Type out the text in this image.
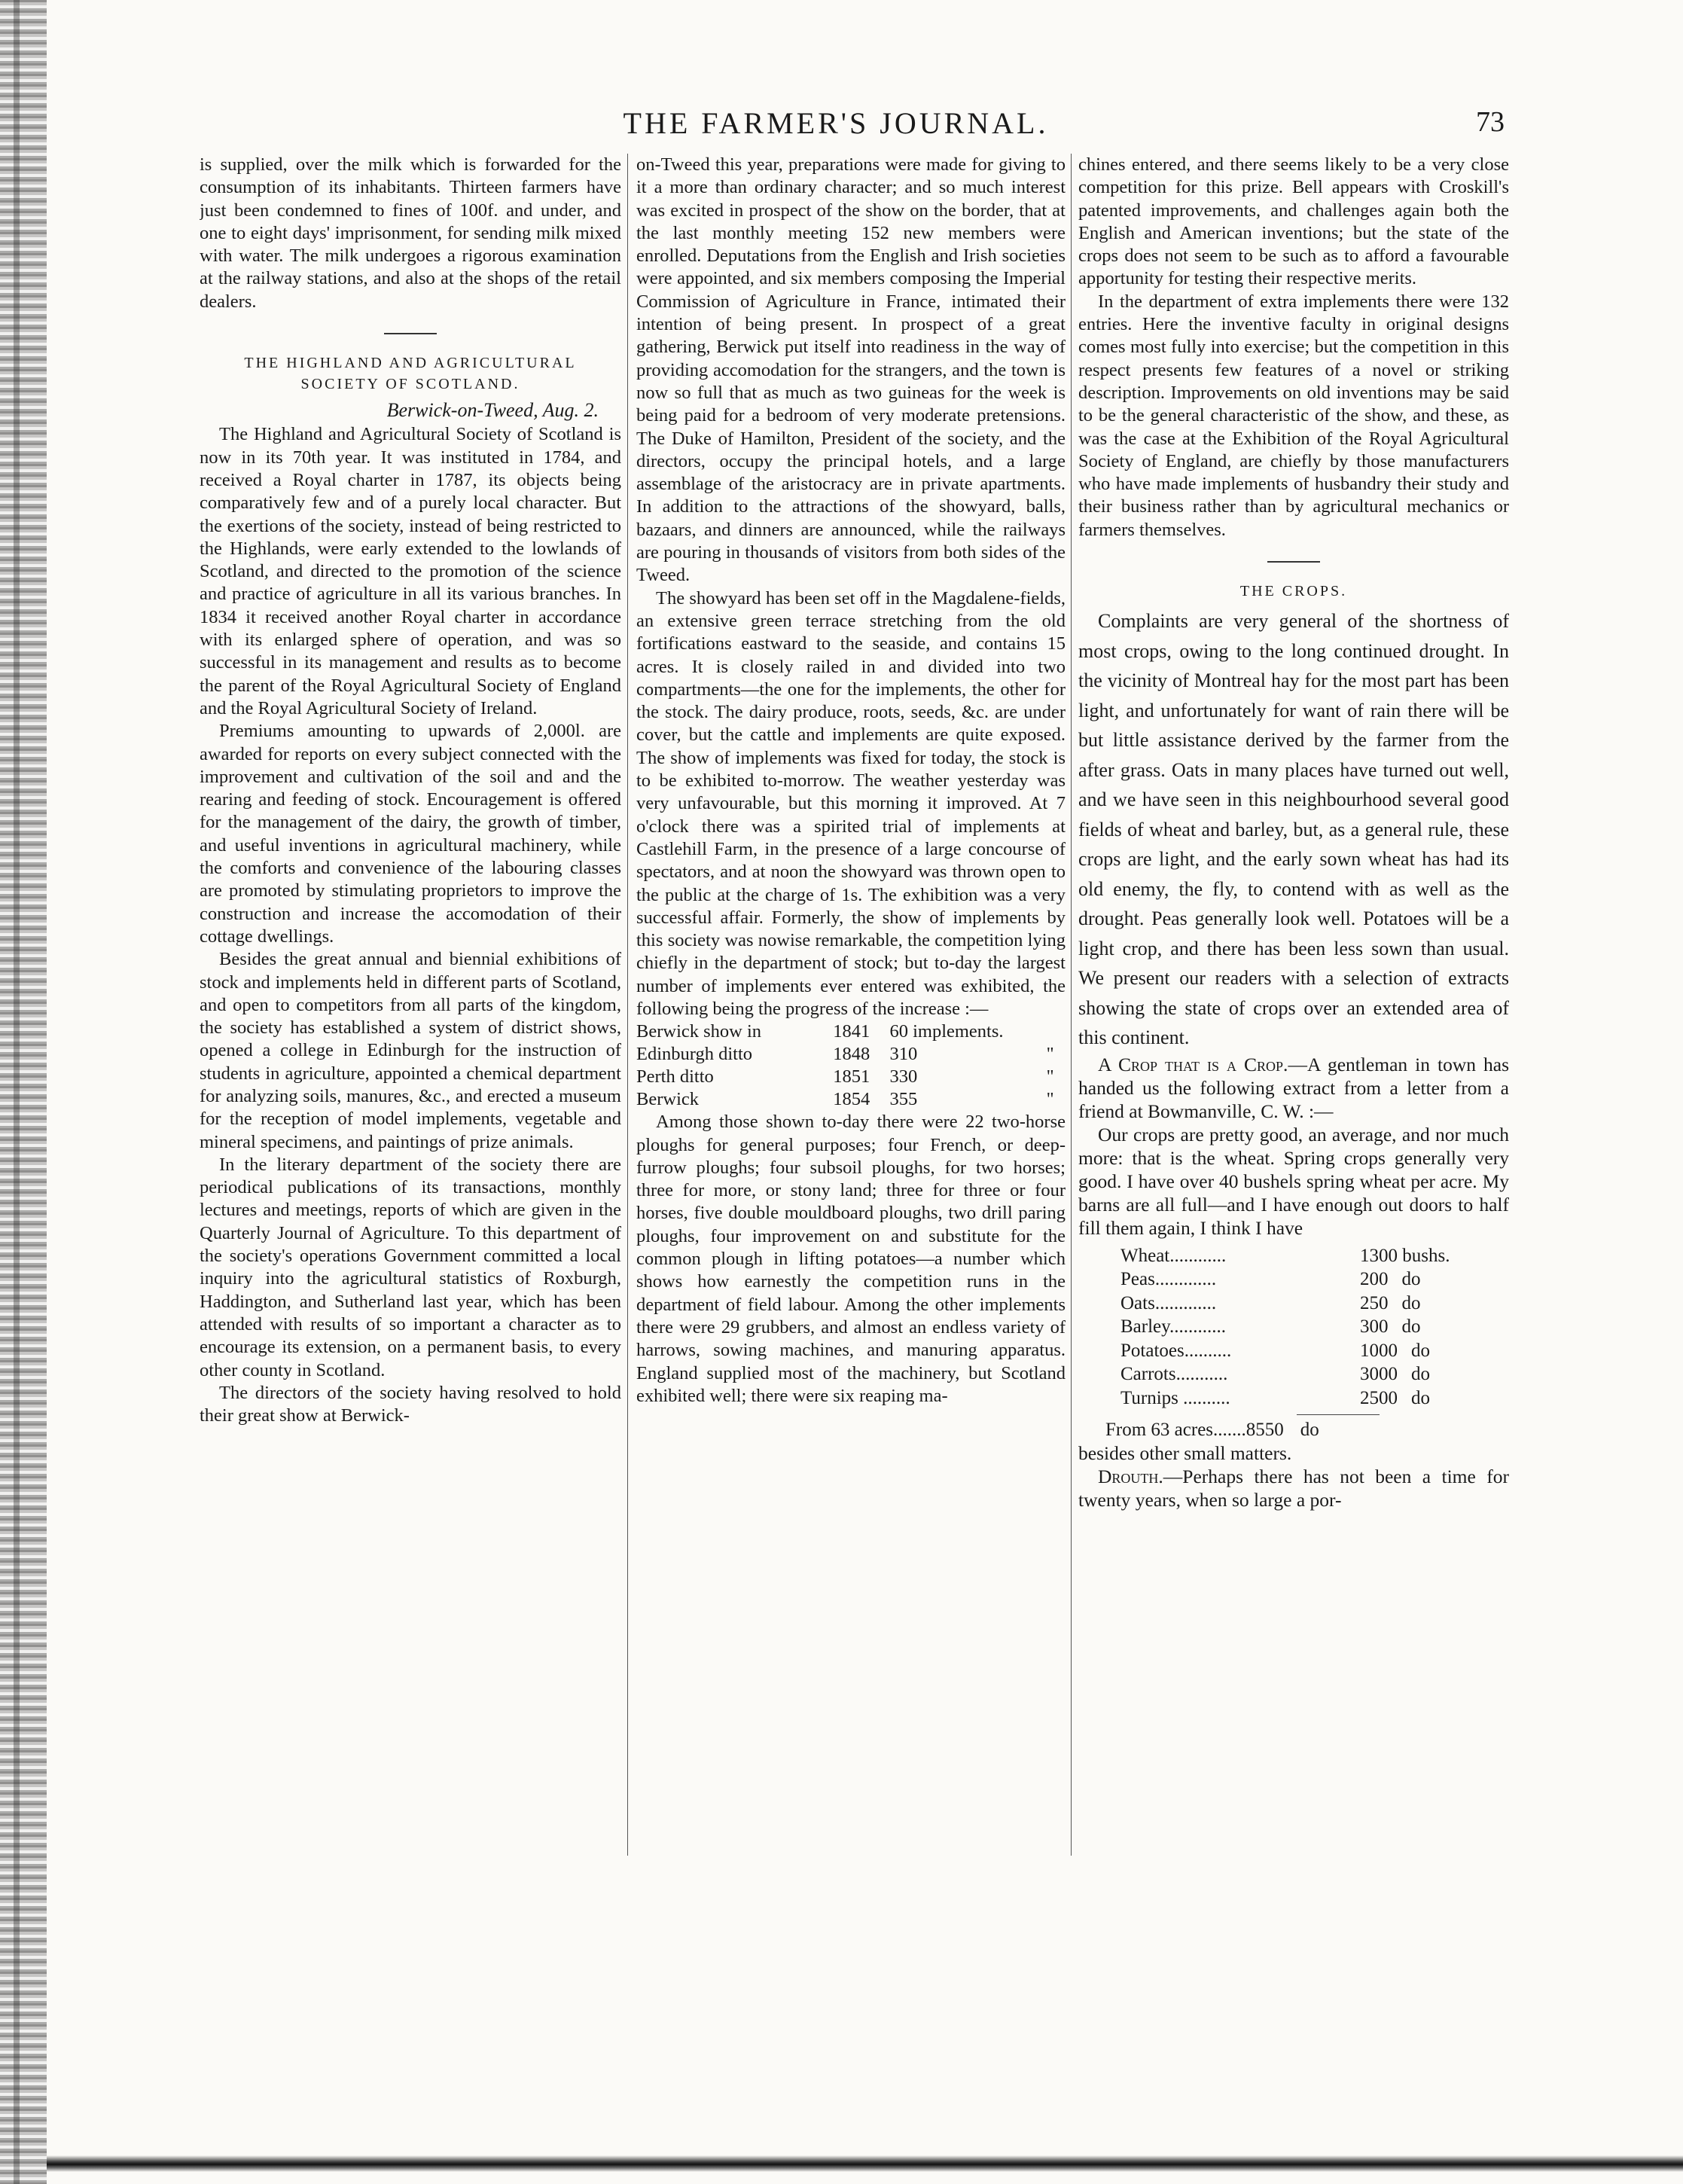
THE FARMER'S JOURNAL.	73

is supplied, over the milk which is forwarded for the consumption of its inhabitants. Thirteen farmers have just been condemned to fines of 100f. and under, and one to eight days' imprisonment, for sending milk mixed with water. The milk undergoes a rigorous examination at the railway stations, and also at the shops of the retail dealers.

THE HIGHLAND AND AGRICULTURAL
SOCIETY OF SCOTLAND.
Berwick-on-Tweed, Aug. 2.

The Highland and Agricultural Society of Scotland is now in its 70th year. It was instituted in 1784, and received a Royal charter in 1787, its objects being comparatively few and of a purely local character. But the exertions of the society, instead of being restricted to the Highlands, were early extended to the lowlands of Scotland, and directed to the promotion of the science and practice of agriculture in all its various branches. In 1834 it received another Royal charter in accordance with its enlarged sphere of operation, and was so successful in its management and results as to become the parent of the Royal Agricultural Society of England and the Royal Agricultural Society of Ireland.

Premiums amounting to upwards of 2,000l. are awarded for reports on every subject connected with the improvement and cultivation of the soil and and the rearing and feeding of stock. Encouragement is offered for the management of the dairy, the growth of timber, and useful inventions in agricultural machinery, while the comforts and convenience of the labouring classes are promoted by stimulating proprietors to improve the construction and increase the accomodation of their cottage dwellings.

Besides the great annual and biennial exhibitions of stock and implements held in different parts of Scotland, and open to competitors from all parts of the kingdom, the society has established a system of district shows, opened a college in Edinburgh for the instruction of students in agriculture, appointed a chemical department for analyzing soils, manures, &c., and erected a museum for the reception of model implements, vegetable and mineral specimens, and paintings of prize animals.

In the literary department of the society there are periodical publications of its transactions, monthly lectures and meetings, reports of which are given in the Quarterly Journal of Agriculture. To this department of the society's operations Government committed a local inquiry into the agricultural statistics of Roxburgh, Haddington, and Sutherland last year, which has been attended with results of so important a character as to encourage its extension, on a permanent basis, to every other county in Scotland.

The directors of the society having resolved to hold their great show at Berwick-

on-Tweed this year, preparations were made for giving to it a more than ordinary character; and so much interest was excited in prospect of the show on the border, that at the last monthly meeting 152 new members were enrolled. Deputations from the English and Irish societies were appointed, and six members composing the Imperial Commission of Agriculture in France, intimated their intention of being present. In prospect of a great gathering, Berwick put itself into readiness in the way of providing accomodation for the strangers, and the town is now so full that as much as two guineas for the week is being paid for a bedroom of very moderate pretensions. The Duke of Hamilton, President of the society, and the directors, occupy the principal hotels, and a large assemblage of the aristocracy are in private apartments. In addition to the attractions of the showyard, balls, bazaars, and dinners are announced, while the railways are pouring in thousands of visitors from both sides of the Tweed.

The showyard has been set off in the Magdalene-fields, an extensive green terrace stretching from the old fortifications eastward to the seaside, and contains 15 acres. It is closely railed in and divided into two compartments—the one for the implements, the other for the stock. The dairy produce, roots, seeds, &c. are under cover, but the cattle and implements are quite exposed. The show of implements was fixed for today, the stock is to be exhibited to-morrow. The weather yesterday was very unfavourable, but this morning it improved. At 7 o'clock there was a spirited trial of implements at Castlehill Farm, in the presence of a large concourse of spectators, and at noon the showyard was thrown open to the public at the charge of 1s. The exhibition was a very successful affair. Formerly, the show of implements by this society was nowise remarkable, the competition lying chiefly in the department of stock; but to-day the largest number of implements ever entered was exhibited, the following being the progress of the increase :—

Berwick show in	1841	60 implements.	
Edinburgh ditto	1848	310	"
Perth ditto	1851	330	"
Berwick	1854	355	"

Among those shown to-day there were 22 two-horse ploughs for general purposes; four French, or deep-furrow ploughs; four subsoil ploughs, for two horses; three for more, or stony land; three for three or four horses, five double mouldboard ploughs, two drill paring ploughs, four improvement on and substitute for the common plough in lifting potatoes—a number which shows how earnestly the competition runs in the department of field labour. Among the other implements there were 29 grubbers, and almost an endless variety of harrows, sowing machines, and manuring apparatus. England supplied most of the machinery, but Scotland exhibited well; there were six reaping ma-

chines entered, and there seems likely to be a very close competition for this prize. Bell appears with Croskill's patented improvements, and challenges again both the English and American inventions; but the state of the crops does not seem to be such as to afford a favourable apportunity for testing their respective merits.

In the department of extra implements there were 132 entries. Here the inventive faculty in original designs comes most fully into exercise; but the competition in this respect presents few features of a novel or striking description. Improvements on old inventions may be said to be the general characteristic of the show, and these, as was the case at the Exhibition of the Royal Agricultural Society of England, are chiefly by those manufacturers who have made implements of husbandry their study and their business rather than by agricultural mechanics or farmers themselves.

THE CROPS.

Complaints are very general of the shortness of most crops, owing to the long continued drought. In the vicinity of Montreal hay for the most part has been light, and unfortunately for want of rain there will be but little assistance derived by the farmer from the after grass. Oats in many places have turned out well, and we have seen in this neighbourhood several good fields of wheat and barley, but, as a general rule, these crops are light, and the early sown wheat has had its old enemy, the fly, to contend with as well as the drought. Peas generally look well. Potatoes will be a light crop, and there has been less sown than usual. We present our readers with a selection of extracts showing the state of crops over an extended area of this continent.

A Crop that is a Crop.—A gentleman in town has handed us the following extract from a letter from a friend at Bowmanville, C. W. :—

Our crops are pretty good, an average, and nor much more: that is the wheat. Spring crops generally very good. I have over 40 bushels spring wheat per acre. My barns are all full—and I have enough out doors to half fill them again, I think I have

Wheat............	1300 bushs.
Peas.............	200 do
Oats.............	250 do
Barley............	300 do
Potatoes..........	1000 do
Carrots...........	3000 do
Turnips ..........	2500 do
From 63 acres....... 8550 do

besides other small matters.

Drouth.—Perhaps there has not been a time for twenty years, when so large a por-
